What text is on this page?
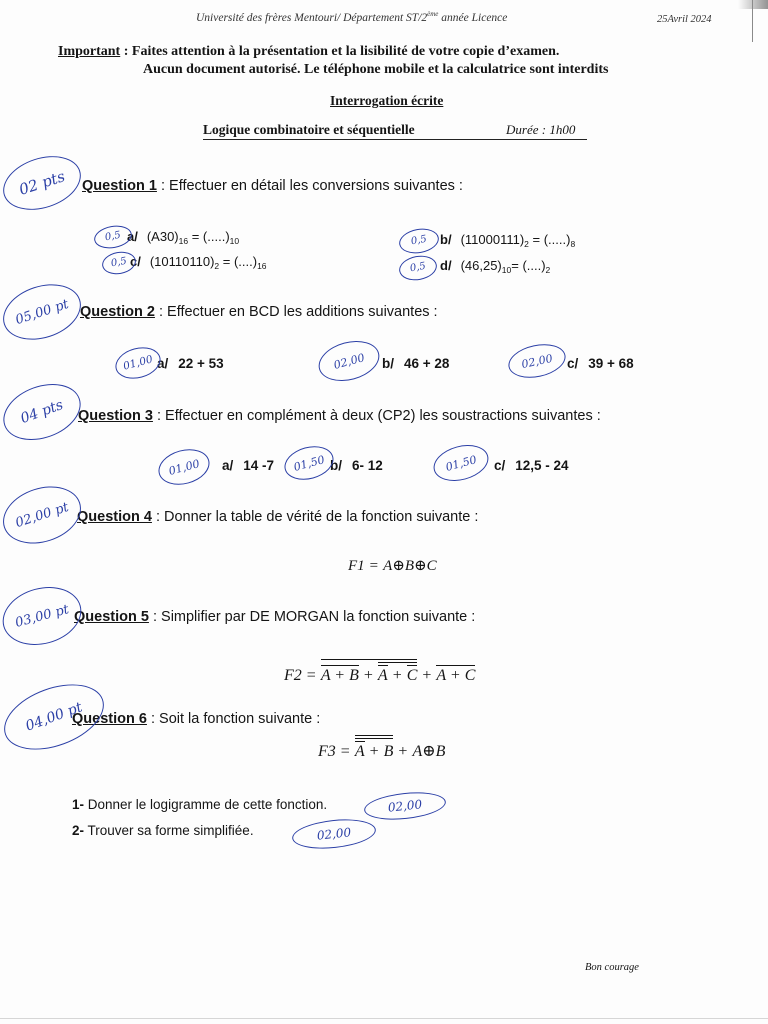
Université des frères Mentouri/ Département ST/2ème année Licence	25Avril 2024
Important : Faites attention à la présentation et la lisibilité de votre copie d’examen.
Aucun document autorisé. Le téléphone mobile et la calculatrice sont interdits
Interrogation écrite
Logique combinatoire et séquentielle	Durée : 1h00
Question 1 : Effectuer en détail les conversions suivantes :
a/ $(A30)_{16} = (.....)_{10}$	b/ $(11000111)_2 = (.....)_8$
c/ $(10110110)_2 = (....)_{16}$	d/ $(46,25)_{10}= (....)_2$
Question 2 : Effectuer en BCD les additions suivantes :
a/ 22 + 53	b/ 46 + 28	c/ 39 + 68
Question 3 : Effectuer en complément à deux (CP2) les soustractions suivantes :
a/ 14 -7	b/ 6- 12	c/ 12,5 - 24
Question 4 : Donner la table de vérité de la fonction suivante :
F1 = A⊕B⊕C
Question 5 : Simplifier par DE MORGAN la fonction suivante :
F2 = A + B + A + C + A + C
Question 6 : Soit la fonction suivante :
F3 = A + B + A⊕B
1- Donner le logigramme de cette fonction.
2- Trouver sa forme simplifiée.
Bon courage
02 pts
05,00 pt
04 pts
02,00 pt
03,00 pt
04,00 pt
0,5	0,5
0,5	0,5
01,00	02,00	02,00
01,00	01,50	01,50
02,00
02,00
